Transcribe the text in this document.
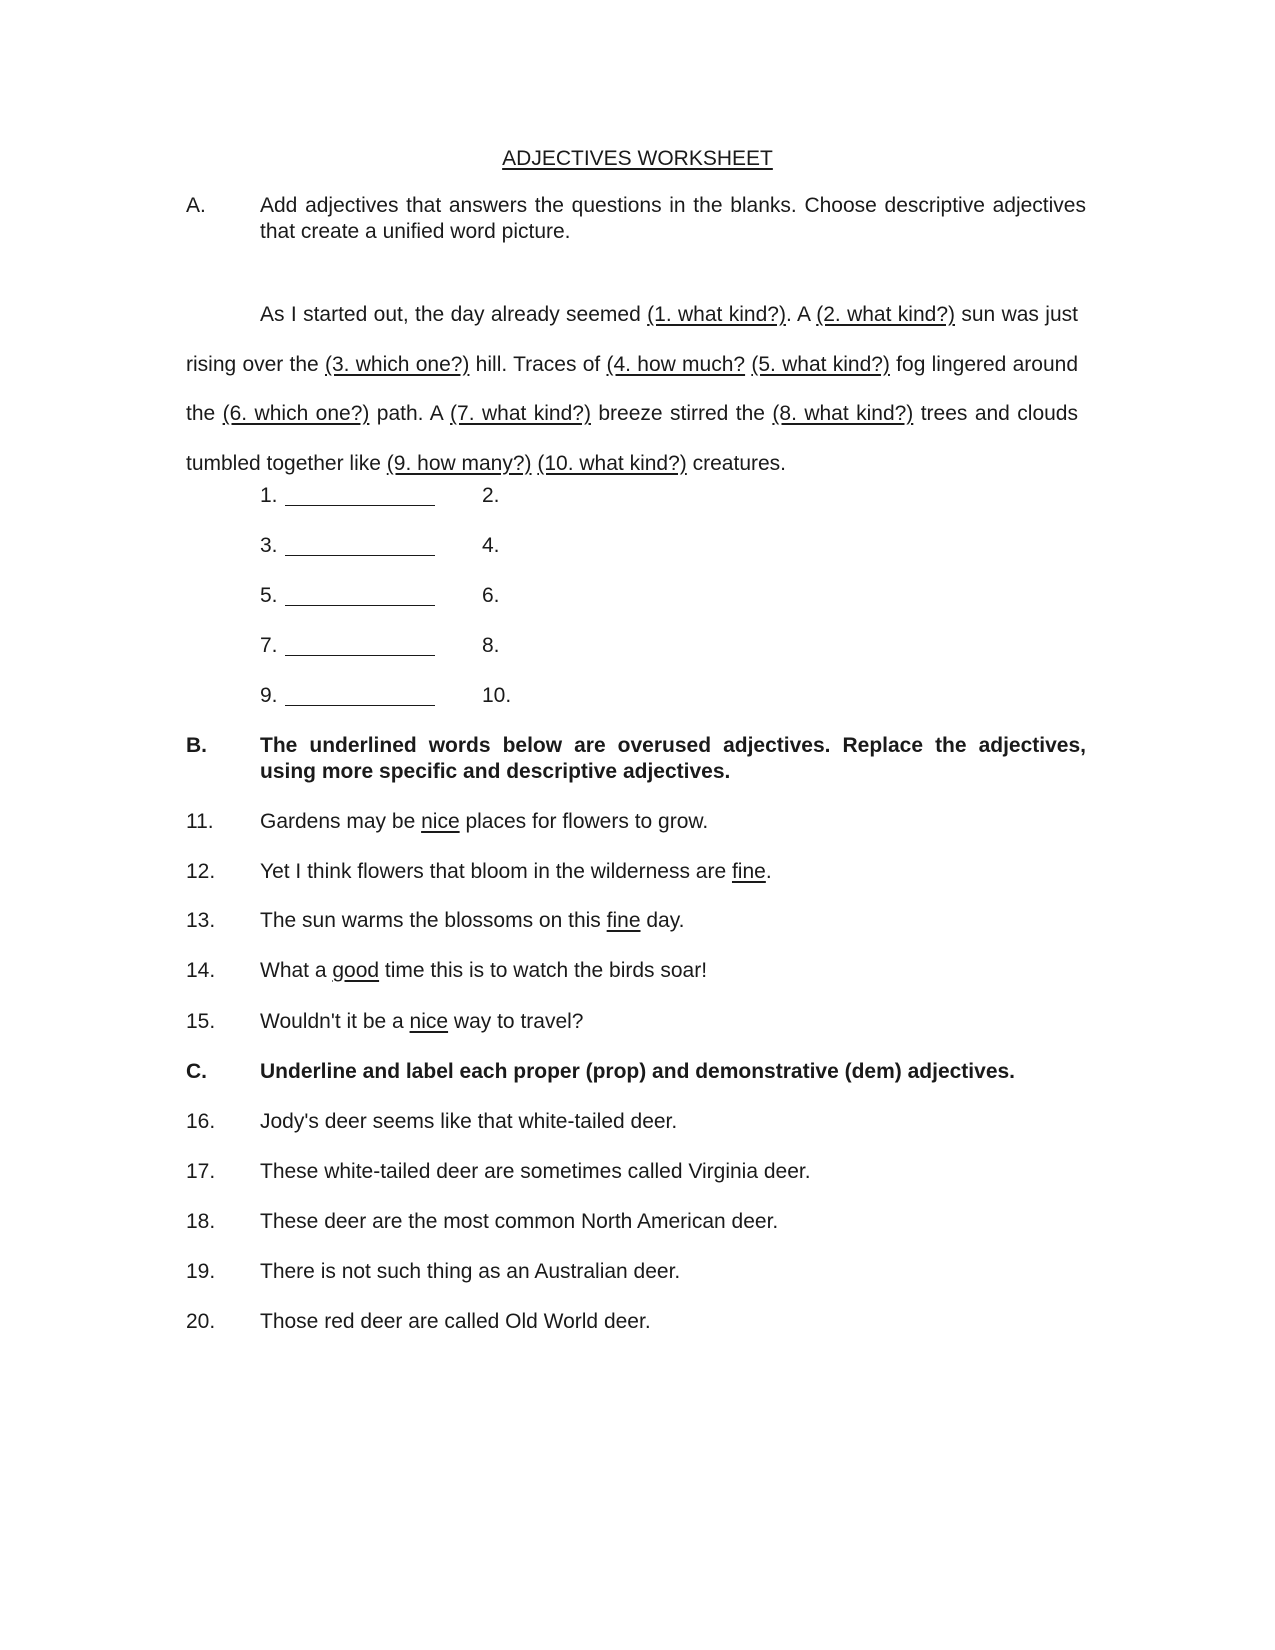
ADJECTIVES WORKSHEET
A.	Add adjectives that answers the questions in the blanks. Choose descriptive adjectives that create a unified word picture.

As I started out, the day already seemed (1. what kind?). A (2. what kind?) sun was just rising over the (3. which one?) hill. Traces of (4. how much? (5. what kind?) fog lingered around the (6. which one?) path. A (7. what kind?) breeze stirred the (8. what kind?) trees and clouds tumbled together like (9. how many?) (10. what kind?) creatures.

1.	2.
3.	4.
5.	6.
7.	8.
9.	10.
B.	The underlined words below are overused adjectives. Replace the adjectives, using more specific and descriptive adjectives.
11. Gardens may be nice places for flowers to grow.
12. Yet I think flowers that bloom in the wilderness are fine.
13. The sun warms the blossoms on this fine day.
14. What a good time this is to watch the birds soar!
15. Wouldn't it be a nice way to travel?
C.	Underline and label each proper (prop) and demonstrative (dem) adjectives.
16. Jody's deer seems like that white-tailed deer.
17. These white-tailed deer are sometimes called Virginia deer.
18. These deer are the most common North American deer.
19. There is not such thing as an Australian deer.
20. Those red deer are called Old World deer.
